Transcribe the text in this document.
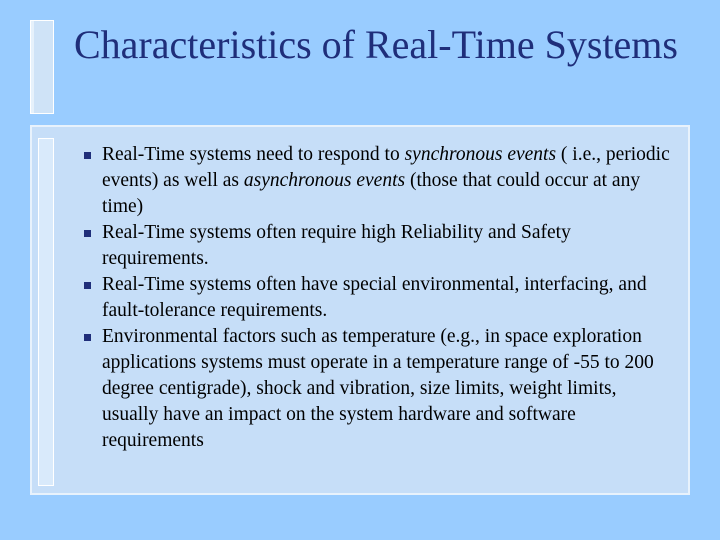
Characteristics of Real-Time Systems
Real-Time systems need to respond to synchronous events ( i.e., periodic events) as well as asynchronous events (those that could occur at any time)
Real-Time systems often require high Reliability and Safety requirements.
Real-Time systems often have special environmental, interfacing, and fault-tolerance requirements.
Environmental factors such as temperature (e.g., in space exploration applications systems must operate in a temperature range of -55 to 200 degree centigrade), shock and vibration, size limits, weight limits, usually have an impact on the system hardware and software requirements
